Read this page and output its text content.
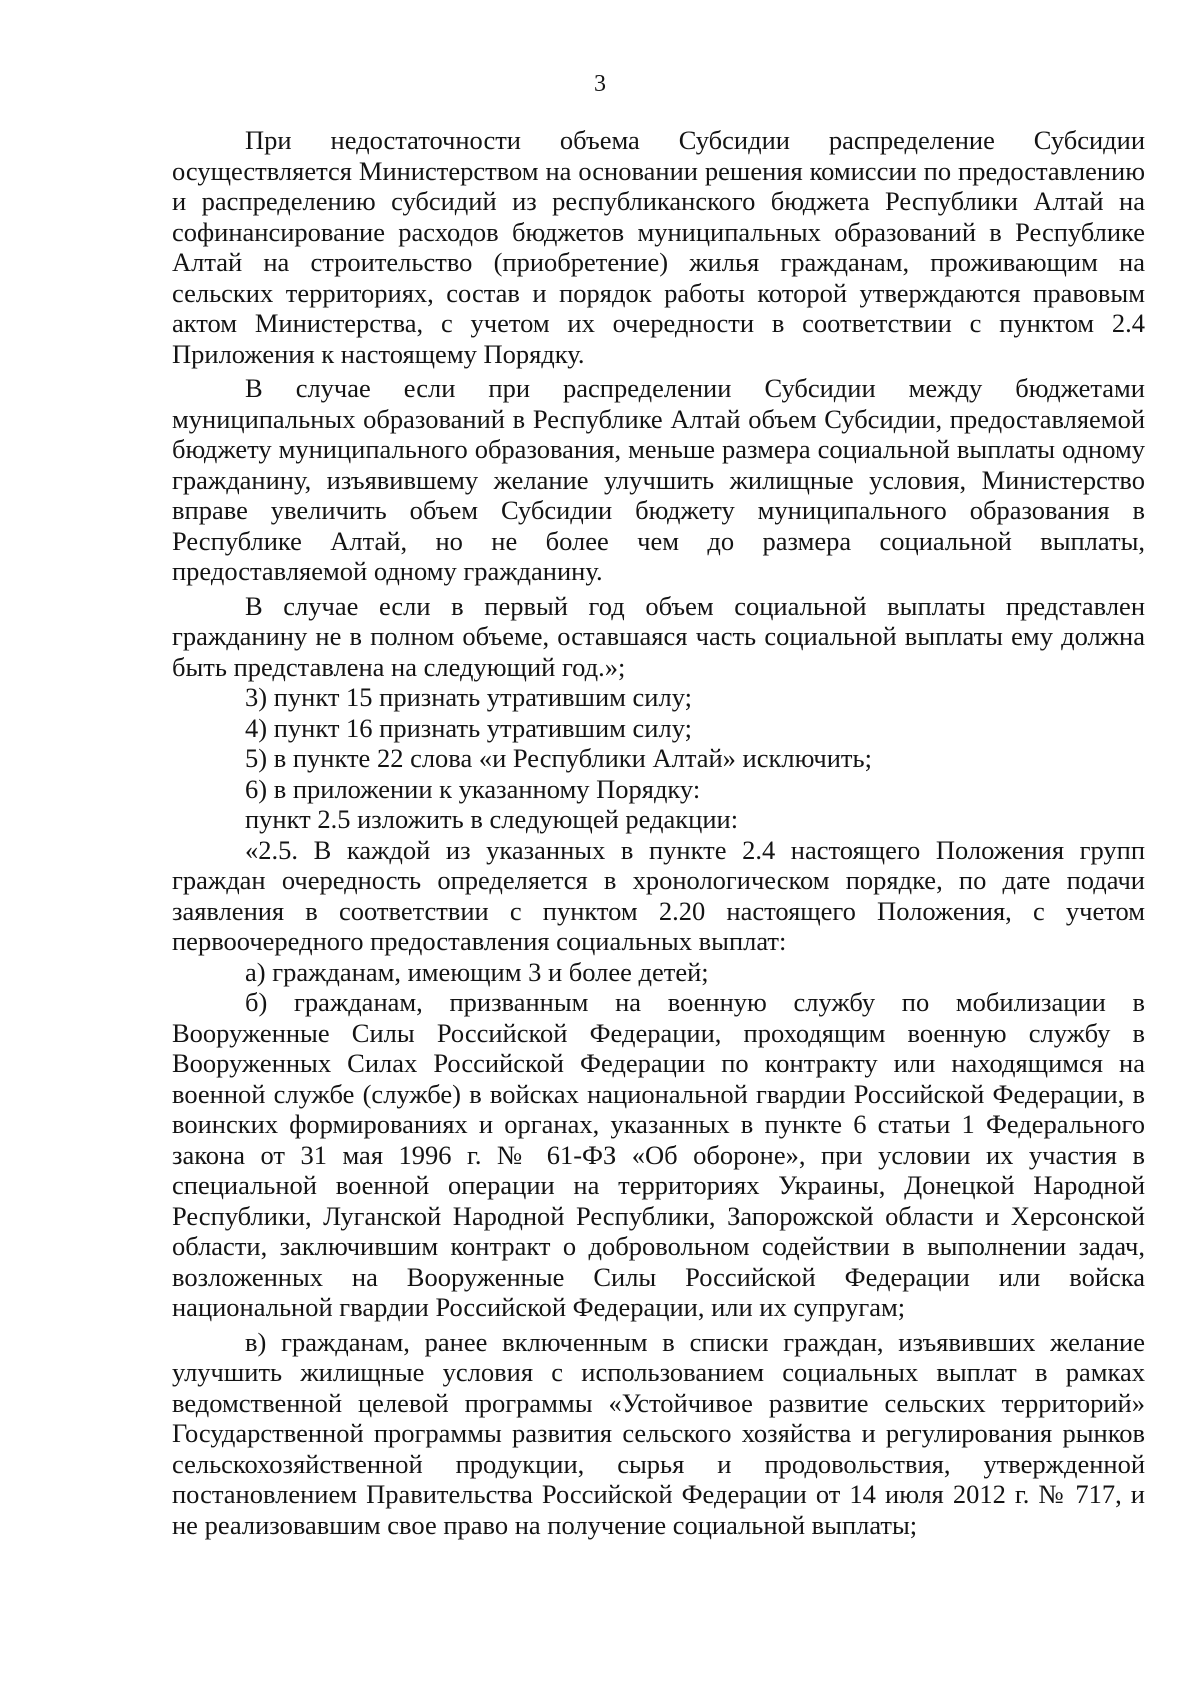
3

При недостаточности объема Субсидии распределение Субсидии осуществляется Министерством на основании решения комиссии по предоставлению и распределению субсидий из республиканского бюджета Республики Алтай на софинансирование расходов бюджетов муниципальных образований в Республике Алтай на строительство (приобретение) жилья гражданам, проживающим на сельских территориях, состав и порядок работы которой утверждаются правовым актом Министерства, с учетом их очередности в соответствии с пунктом 2.4 Приложения к настоящему Порядку.

В случае если при распределении Субсидии между бюджетами муниципальных образований в Республике Алтай объем Субсидии, предоставляемой бюджету муниципального образования, меньше размера социальной выплаты одному гражданину, изъявившему желание улучшить жилищные условия, Министерство вправе увеличить объем Субсидии бюджету муниципального образования в Республике Алтай, но не более чем до размера социальной выплаты, предоставляемой одному гражданину.

В случае если в первый год объем социальной выплаты представлен гражданину не в полном объеме, оставшаяся часть социальной выплаты ему должна быть представлена на следующий год.»;

3) пункт 15 признать утратившим силу;

4) пункт 16 признать утратившим силу;

5) в пункте 22 слова «и Республики Алтай» исключить;

6) в приложении к указанному Порядку:

пункт 2.5 изложить в следующей редакции:

«2.5. В каждой из указанных в пункте 2.4 настоящего Положения групп граждан очередность определяется в хронологическом порядке, по дате подачи заявления в соответствии с пунктом 2.20 настоящего Положения, с учетом первоочередного предоставления социальных выплат:

а) гражданам, имеющим 3 и более детей;

б) гражданам, призванным на военную службу по мобилизации в Вооруженные Силы Российской Федерации, проходящим военную службу в Вооруженных Силах Российской Федерации по контракту или находящимся на военной службе (службе) в войсках национальной гвардии Российской Федерации, в воинских формированиях и органах, указанных в пункте 6 статьи 1 Федерального закона от 31 мая 1996 г. № 61-ФЗ «Об обороне», при условии их участия в специальной военной операции на территориях Украины, Донецкой Народной Республики, Луганской Народной Республики, Запорожской области и Херсонской области, заключившим контракт о добровольном содействии в выполнении задач, возложенных на Вооруженные Силы Российской Федерации или войска национальной гвардии Российской Федерации, или их супругам;

в) гражданам, ранее включенным в списки граждан, изъявивших желание улучшить жилищные условия с использованием социальных выплат в рамках ведомственной целевой программы «Устойчивое развитие сельских территорий» Государственной программы развития сельского хозяйства и регулирования рынков сельскохозяйственной продукции, сырья и продовольствия, утвержденной постановлением Правительства Российской Федерации от 14 июля 2012 г. № 717, и не реализовавшим свое право на получение социальной выплаты;
